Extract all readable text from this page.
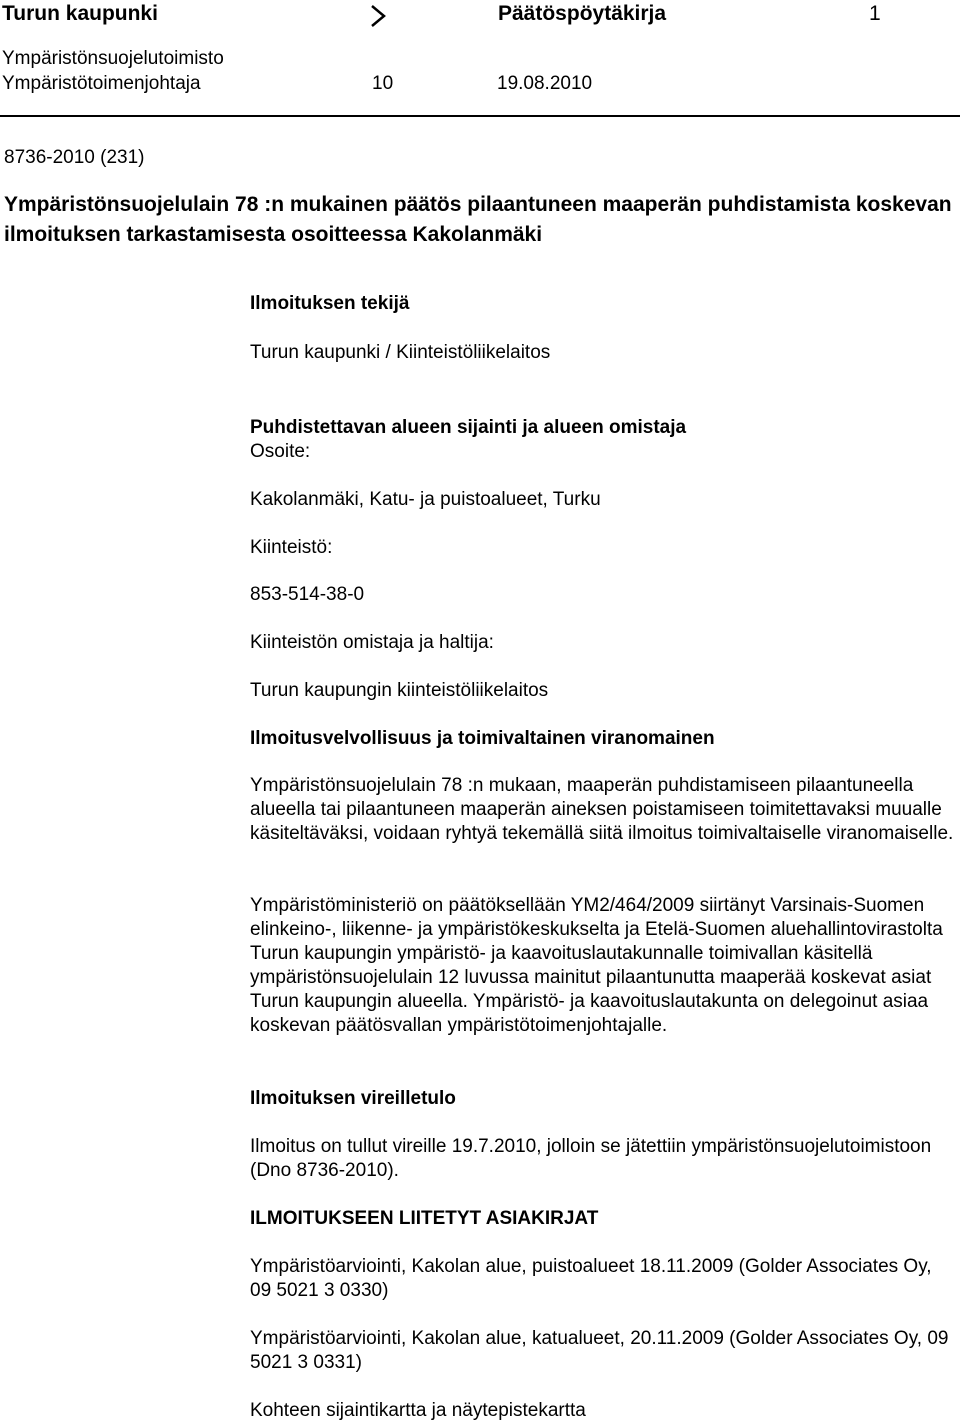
Turun kaupunki	Päätöspöytäkirja	1
Ympäristönsuojelutoimisto
Ympäristötoimenjohtaja	10	19.08.2010
8736-2010 (231)
Ympäristönsuojelulain 78 :n mukainen päätös pilaantuneen maaperän puhdistamista koskevan ilmoituksen tarkastamisesta osoitteessa Kakolanmäki
Ilmoituksen tekijä
Turun kaupunki / Kiinteistöliikelaitos
Puhdistettavan alueen sijainti ja alueen omistaja
Osoite:
Kakolanmäki, Katu- ja puistoalueet, Turku
Kiinteistö:
853-514-38-0
Kiinteistön omistaja ja haltija:
Turun kaupungin kiinteistöliikelaitos
Ilmoitusvelvollisuus ja toimivaltainen viranomainen
Ympäristönsuojelulain 78 :n mukaan, maaperän puhdistamiseen pilaantuneella alueella tai pilaantuneen maaperän aineksen poistamiseen toimitettavaksi muualle käsiteltäväksi, voidaan ryhtyä tekemällä siitä ilmoitus toimivaltaiselle viranomaiselle.
Ympäristöministeriö on päätöksellään YM2/464/2009 siirtänyt Varsinais-Suomen elinkeino-, liikenne- ja ympäristökeskukselta ja Etelä-Suomen aluehallintovirastolta Turun kaupungin ympäristö- ja kaavoituslautakunnalle toimivallan käsitellä ympäristönsuojelulain 12 luvussa mainitut pilaantunutta maaperää koskevat asiat Turun kaupungin alueella. Ympäristö- ja kaavoituslautakunta on delegoinut asiaa koskevan päätösvallan ympäristötoimenjohtajalle.
Ilmoituksen vireilletulo
Ilmoitus on tullut vireille 19.7.2010, jolloin se jätettiin ympäristönsuojelutoimistoon (Dno 8736-2010).
ILMOITUKSEEN LIITETYT ASIAKIRJAT
Ympäristöarviointi, Kakolan alue, puistoalueet 18.11.2009 (Golder Associates Oy, 09 5021 3 0330)
Ympäristöarviointi, Kakolan alue, katualueet, 20.11.2009 (Golder Associates Oy, 09 5021 3 0331)
Kohteen sijaintikartta ja näytepistekartta
